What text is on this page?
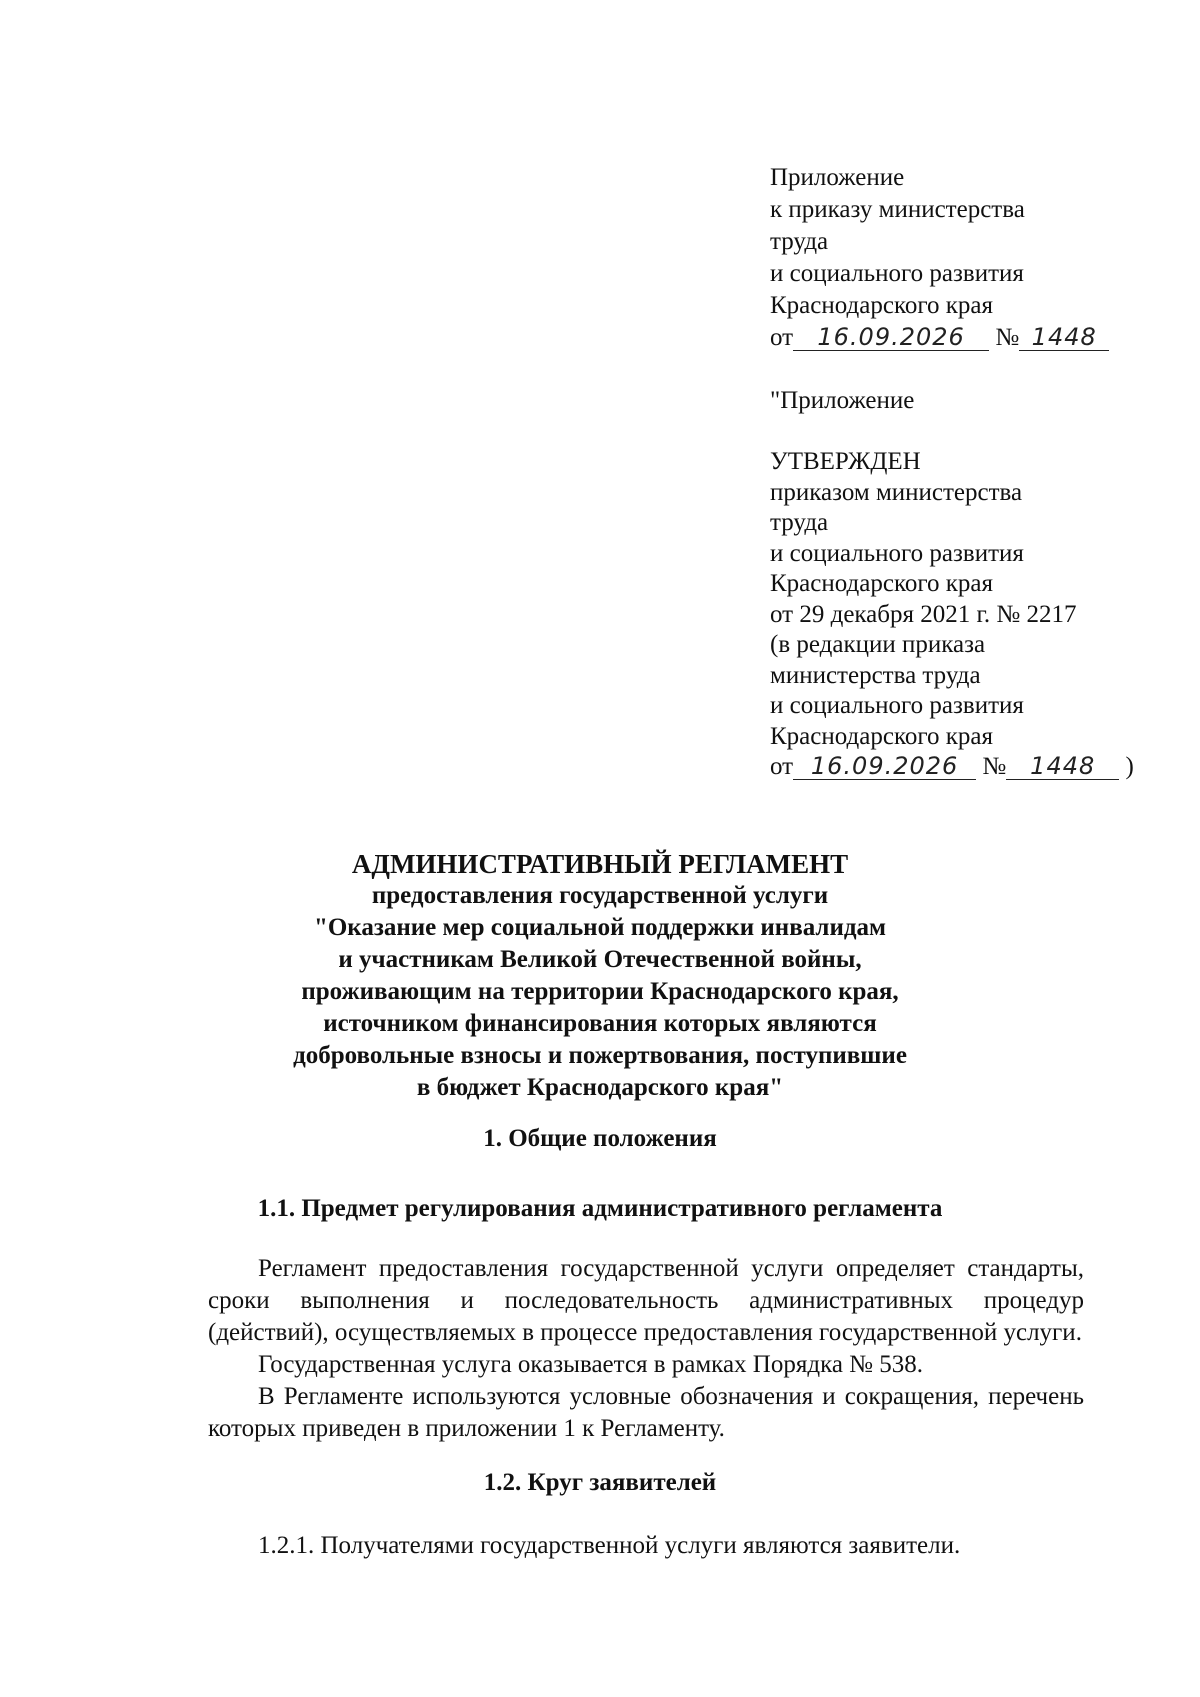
Приложение
к приказу министерства
труда
и социального развития
Краснодарского края
от 16.09.2026 № 1448
"Приложение
УТВЕРЖДЕН
приказом министерства
труда
и социального развития
Краснодарского края
от 29 декабря 2021 г. № 2217
(в редакции приказа
министерства труда
и социального развития
Краснодарского края
от 16.09.2026 № 1448 )
АДМИНИСТРАТИВНЫЙ РЕГЛАМЕНТ
предоставления государственной услуги
"Оказание мер социальной поддержки инвалидам
и участникам Великой Отечественной войны,
проживающим на территории Краснодарского края,
источником финансирования которых являются
добровольные взносы и пожертвования, поступившие
в бюджет Краснодарского края"
1. Общие положения
1.1. Предмет регулирования административного регламента
Регламент предоставления государственной услуги определяет стандарты, сроки выполнения и последовательность административных процедур (действий), осуществляемых в процессе предоставления государственной услуги.
Государственная услуга оказывается в рамках Порядка № 538.
В Регламенте используются условные обозначения и сокращения, перечень которых приведен в приложении 1 к Регламенту.
1.2. Круг заявителей
1.2.1. Получателями государственной услуги являются заявители.
